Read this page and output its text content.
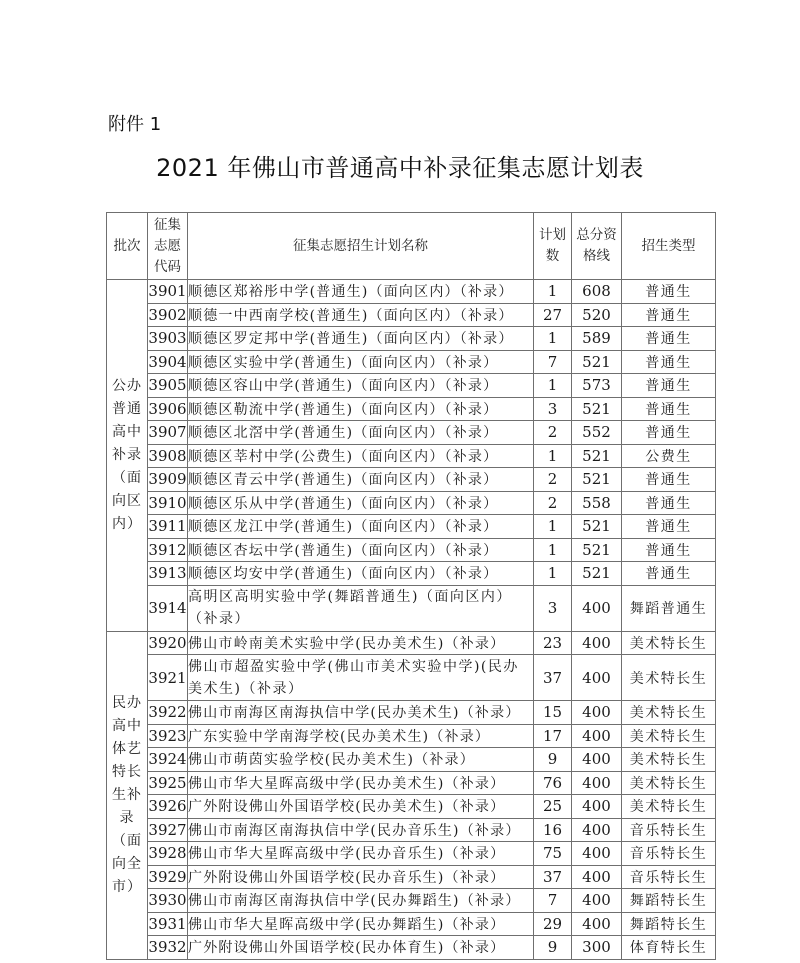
附件 1
2021 年佛山市普通高中补录征集志愿计划表
批次	征集志愿代码	征集志愿招生计划名称	计划数	总分资格线	招生类型
公办普通高中补录（面向区内）	3901	顺德区郑裕彤中学(普通生)（面向区内）（补录）	1	608	普通生
	3902	顺德一中西南学校(普通生)（面向区内）（补录）	27	520	普通生
	3903	顺德区罗定邦中学(普通生)（面向区内）（补录）	1	589	普通生
	3904	顺德区实验中学(普通生)（面向区内）（补录）	7	521	普通生
	3905	顺德区容山中学(普通生)（面向区内）（补录）	1	573	普通生
	3906	顺德区勒流中学(普通生)（面向区内）（补录）	3	521	普通生
	3907	顺德区北滘中学(普通生)（面向区内）（补录）	2	552	普通生
	3908	顺德区莘村中学(公费生)（面向区内）（补录）	1	521	公费生
	3909	顺德区青云中学(普通生)（面向区内）（补录）	2	521	普通生
	3910	顺德区乐从中学(普通生)（面向区内）（补录）	2	558	普通生
	3911	顺德区龙江中学(普通生)（面向区内）（补录）	1	521	普通生
	3912	顺德区杏坛中学(普通生)（面向区内）（补录）	1	521	普通生
	3913	顺德区均安中学(普通生)（面向区内）（补录）	1	521	普通生
	3914	高明区高明实验中学(舞蹈普通生)（面向区内）（补录）	3	400	舞蹈普通生
民办高中体艺特长生补录（面向全市）	3920	佛山市岭南美术实验中学(民办美术生)（补录）	23	400	美术特长生
	3921	佛山市超盈实验中学(佛山市美术实验中学)(民办美术生)（补录）	37	400	美术特长生
	3922	佛山市南海区南海执信中学(民办美术生)（补录）	15	400	美术特长生
	3923	广东实验中学南海学校(民办美术生)（补录）	17	400	美术特长生
	3924	佛山市萌茵实验学校(民办美术生)（补录）	9	400	美术特长生
	3925	佛山市华大星晖高级中学(民办美术生)（补录）	76	400	美术特长生
	3926	广外附设佛山外国语学校(民办美术生)（补录）	25	400	美术特长生
	3927	佛山市南海区南海执信中学(民办音乐生)（补录）	16	400	音乐特长生
	3928	佛山市华大星晖高级中学(民办音乐生)（补录）	75	400	音乐特长生
	3929	广外附设佛山外国语学校(民办音乐生)（补录）	37	400	音乐特长生
	3930	佛山市南海区南海执信中学(民办舞蹈生)（补录）	7	400	舞蹈特长生
	3931	佛山市华大星晖高级中学(民办舞蹈生)（补录）	29	400	舞蹈特长生
	3932	广外附设佛山外国语学校(民办体育生)（补录）	9	300	体育特长生
